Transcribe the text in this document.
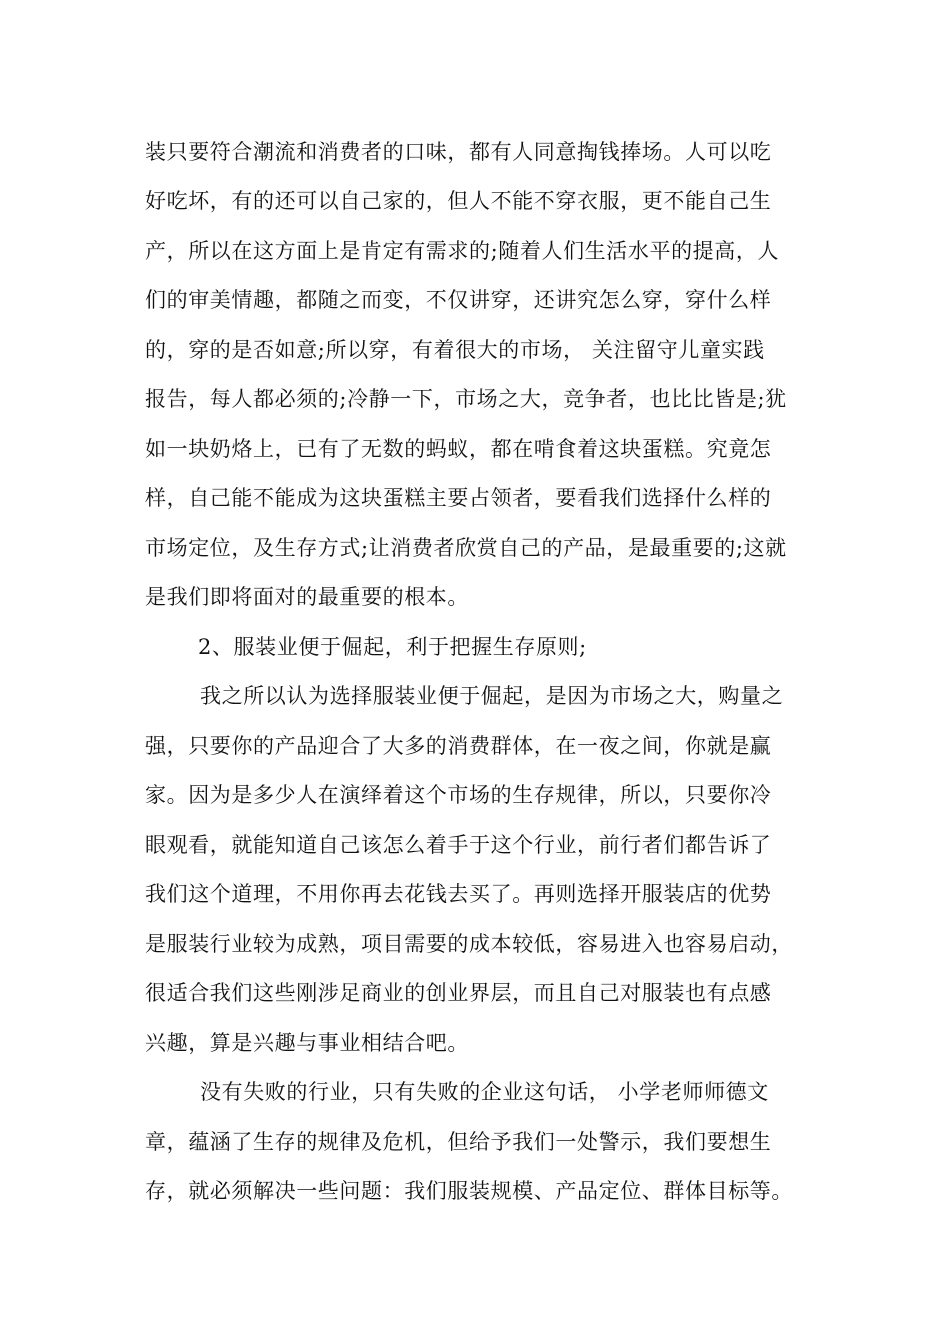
装只要符合潮流和消费者的口味，都有人同意掏钱捧场。人可以吃
好吃坏，有的还可以自己家的，但人不能不穿衣服，更不能自己生
产，所以在这方面上是肯定有需求的;随着人们生活水平的提高，人
们的审美情趣，都随之而变，不仅讲穿，还讲究怎么穿，穿什么样
的，穿的是否如意;所以穿，有着很大的市场， 关注留守儿童实践
报告，每人都必须的;冷静一下，市场之大，竞争者，也比比皆是;犹
如一块奶烙上，已有了无数的蚂蚁，都在啃食着这块蛋糕。究竟怎
样，自己能不能成为这块蛋糕主要占领者，要看我们选择什么样的
市场定位，及生存方式;让消费者欣赏自己的产品，是最重要的;这就
是我们即将面对的最重要的根本。
2、服装业便于倔起，利于把握生存原则;
我之所以认为选择服装业便于倔起，是因为市场之大，购量之
强，只要你的产品迎合了大多的消费群体，在一夜之间，你就是赢
家。因为是多少人在演绎着这个市场的生存规律，所以，只要你冷
眼观看，就能知道自己该怎么着手于这个行业，前行者们都告诉了
我们这个道理，不用你再去花钱去买了。再则选择开服装店的优势
是服装行业较为成熟，项目需要的成本较低，容易进入也容易启动，
很适合我们这些刚涉足商业的创业界层，而且自己对服装也有点感
兴趣，算是兴趣与事业相结合吧。
没有失败的行业，只有失败的企业这句话， 小学老师师德文
章，蕴涵了生存的规律及危机，但给予我们一处警示，我们要想生
存，就必须解决一些问题：我们服装规模、产品定位、群体目标等。
